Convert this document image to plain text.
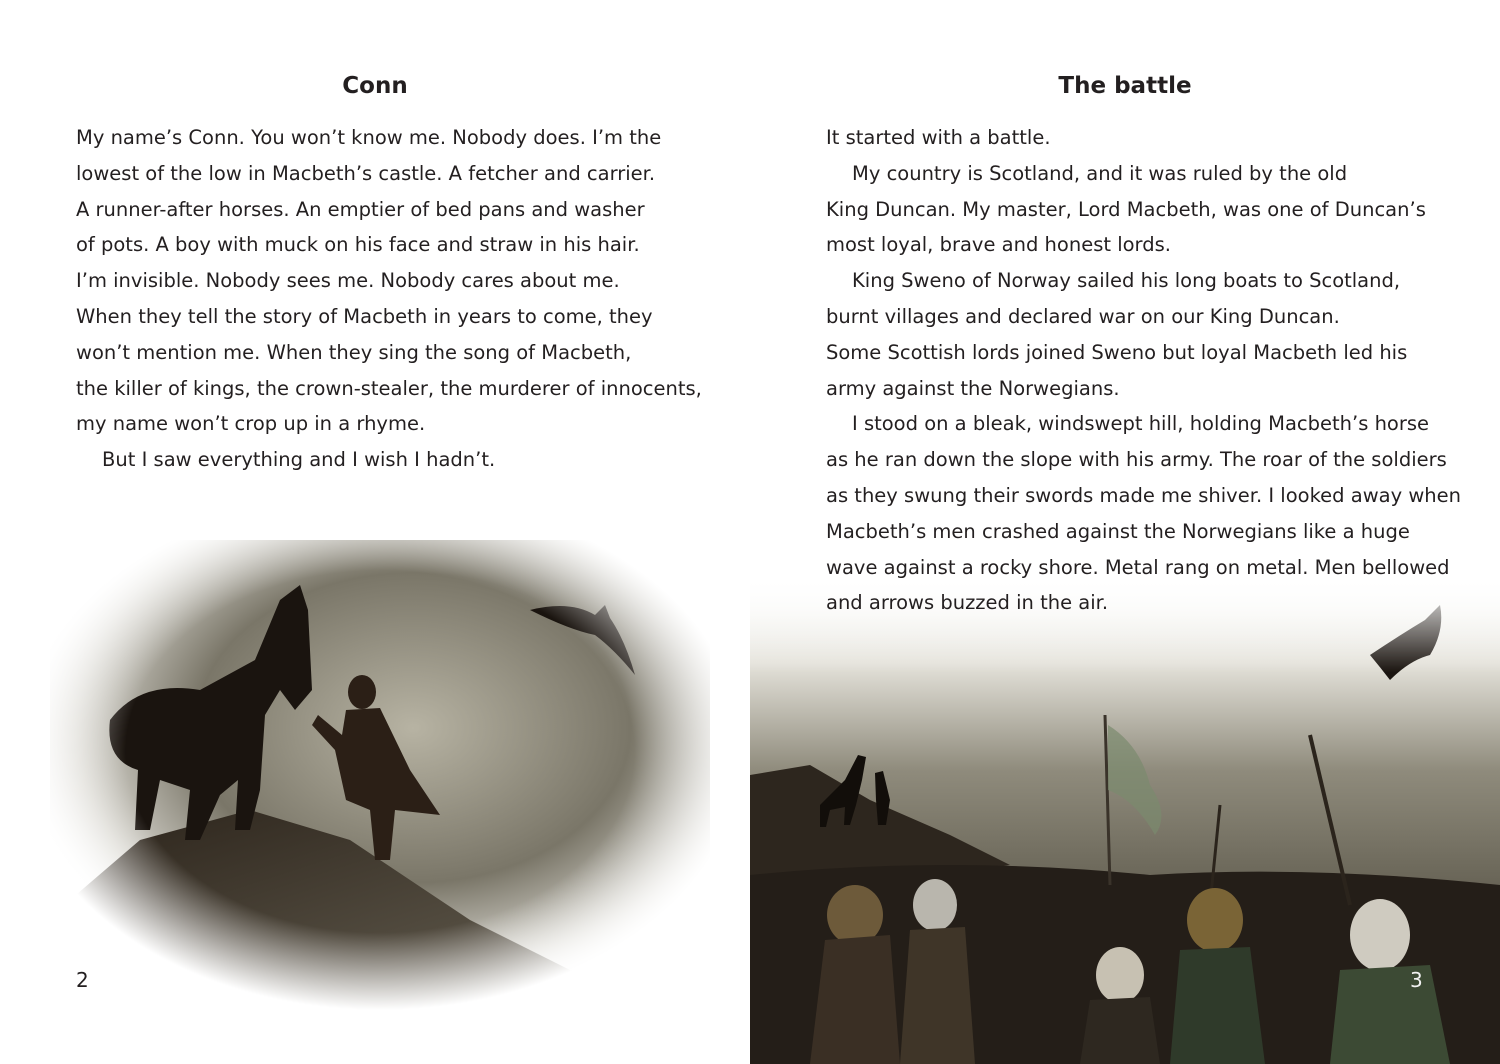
Conn
My name’s Conn. You won’t know me. Nobody does. I’m the
lowest of the low in Macbeth’s castle. A fetcher and carrier.
A runner-after horses. An emptier of bed pans and washer
of pots. A boy with muck on his face and straw in his hair.
I’m invisible. Nobody sees me. Nobody cares about me.
When they tell the story of Macbeth in years to come, they
won’t mention me. When they sing the song of Macbeth,
the killer of kings, the crown-stealer, the murderer of innocents,
my name won’t crop up in a rhyme.
But I saw everything and I wish I hadn’t.
2
The battle
It started with a battle.
My country is Scotland, and it was ruled by the old
King Duncan. My master, Lord Macbeth, was one of Duncan’s
most loyal, brave and honest lords.
King Sweno of Norway sailed his long boats to Scotland,
burnt villages and declared war on our King Duncan.
Some Scottish lords joined Sweno but loyal Macbeth led his
army against the Norwegians.
I stood on a bleak, windswept hill, holding Macbeth’s horse
as he ran down the slope with his army. The roar of the soldiers
as they swung their swords made me shiver. I looked away when
Macbeth’s men crashed against the Norwegians like a huge
wave against a rocky shore. Metal rang on metal. Men bellowed
and arrows buzzed in the air.
3
